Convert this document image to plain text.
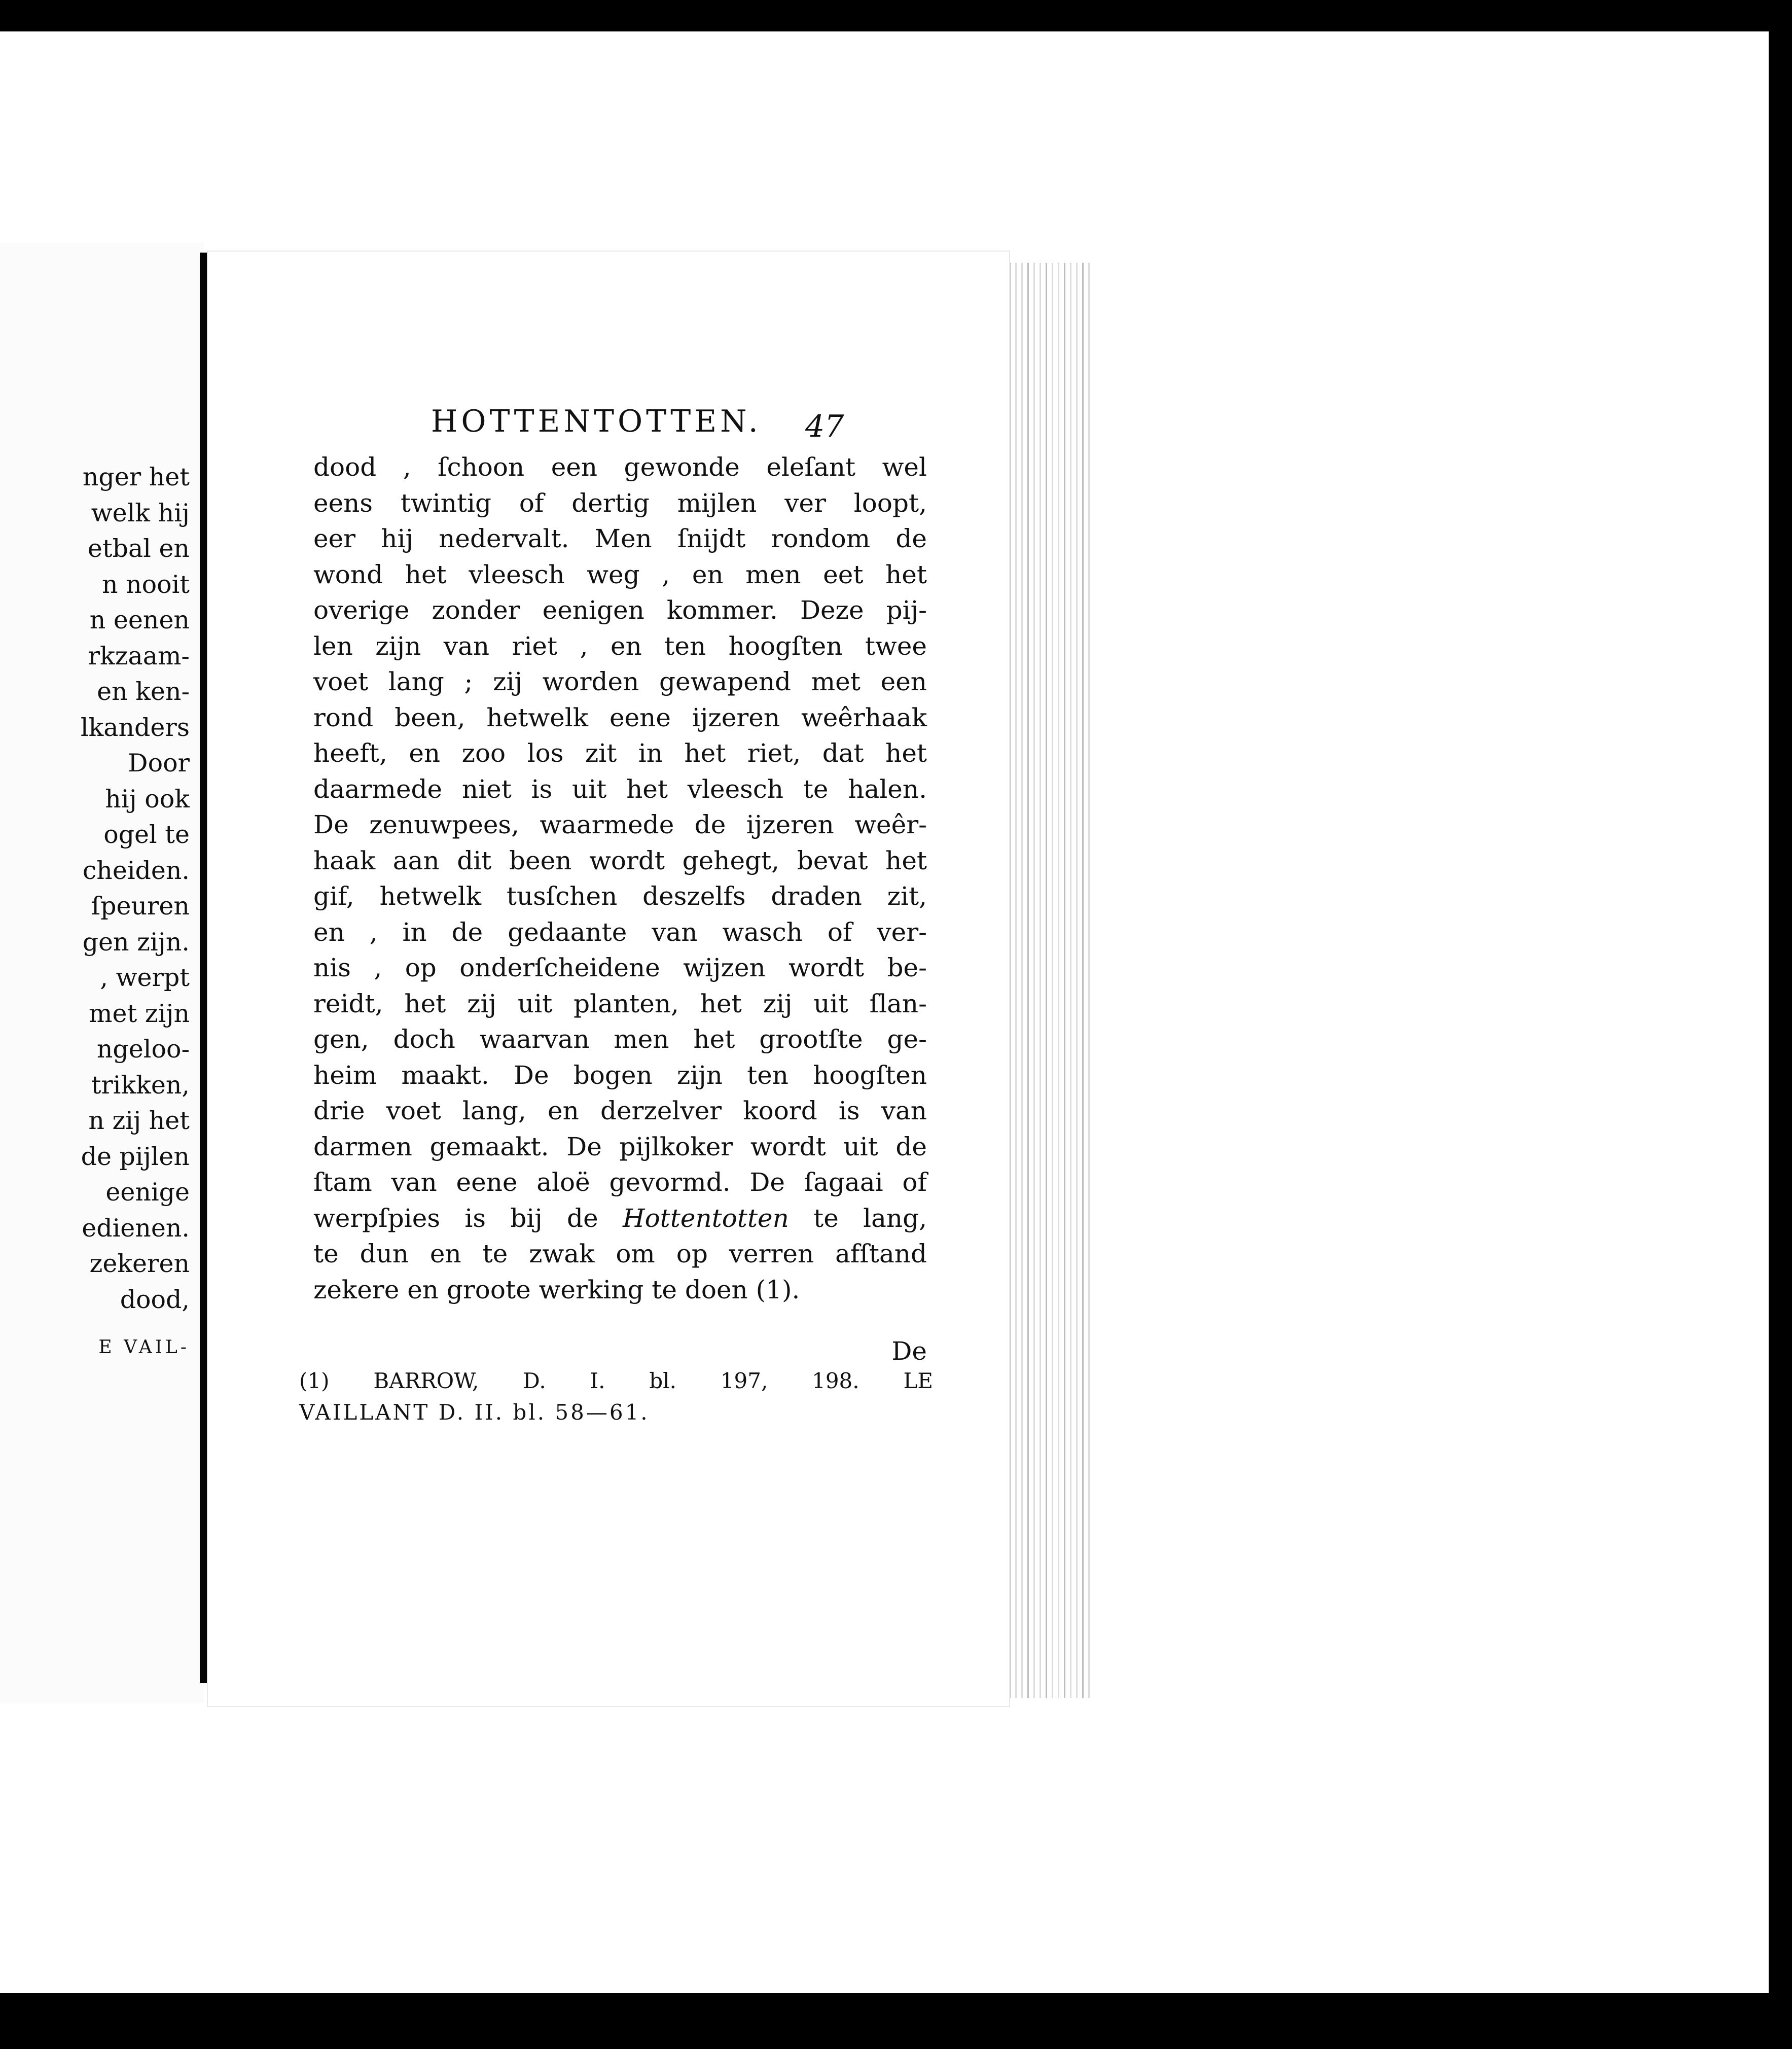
nger het
welk hij
etbal en
n nooit
n eenen
rkzaam-
en ken-
lkanders
Door
hij ook
ogel te
cheiden.
ſpeuren
gen zijn.
, werpt
met zijn
ngeloo-
trikken,
n zij het
de pijlen
eenige
edienen.
zekeren
dood,
E VAIL-
HOTTENTOTTEN. 47
De
dood , ſchoon een gewonde eleſant wel
eens twintig of dertig mijlen ver loopt,
eer hij nedervalt. Men ſnijdt rondom de
wond het vleesch weg , en men eet het
overige zonder eenigen kommer. Deze pij-
len zijn van riet , en ten hoogſten twee
voet lang ; zij worden gewapend met een
rond been, hetwelk eene ijzeren weêrhaak
heeft, en zoo los zit in het riet, dat het
daarmede niet is uit het vleesch te halen.
De zenuwpees, waarmede de ijzeren weêr-
haak aan dit been wordt gehegt, bevat het
gif, hetwelk tusſchen deszelfs draden zit,
en , in de gedaante van wasch of ver-
nis , op onderſcheidene wijzen wordt be-
reidt, het zij uit planten, het zij uit ſlan-
gen, doch waarvan men het grootſte ge-
heim maakt. De bogen zijn ten hoogſten
drie voet lang, en derzelver koord is van
darmen gemaakt. De pijlkoker wordt uit de
ſtam van eene aloë gevormd. De ſagaai of
werpſpies is bij de Hottentotten te lang,
te dun en te zwak om op verren afſtand
zekere en groote werking te doen (1).
(1) BARROW, D. I. bl. 197, 198. LE
VAILLANT D. II. bl. 58—61.
